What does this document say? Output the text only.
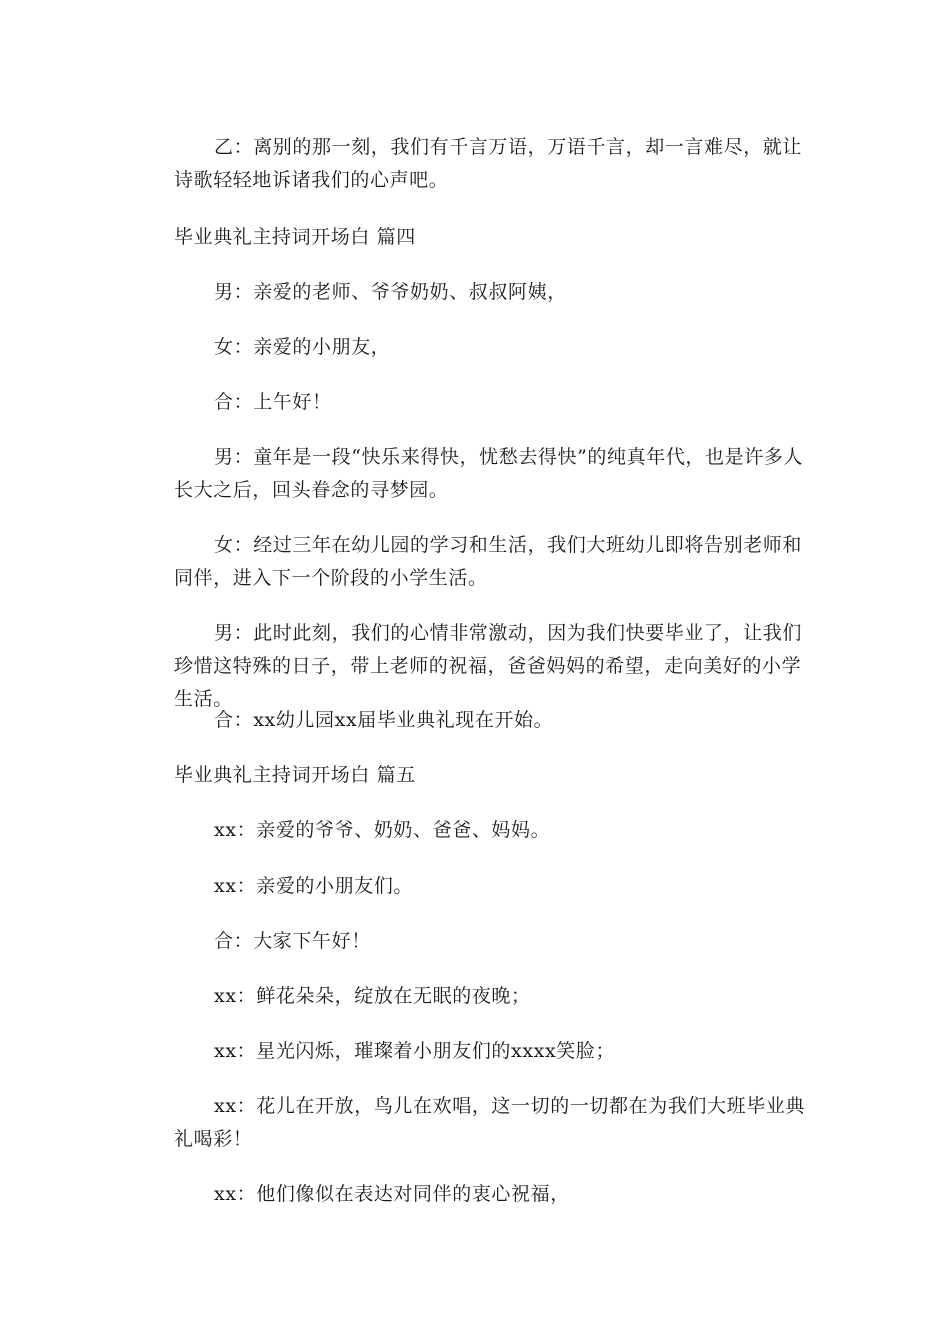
乙：离别的那一刻，我们有千言万语，万语千言，却一言难尽，就让诗歌轻轻地诉诸我们的心声吧。

毕业典礼主持词开场白 篇四

男：亲爱的老师、爷爷奶奶、叔叔阿姨，

女：亲爱的小朋友，

合：上午好！

男：童年是一段“快乐来得快，忧愁去得快”的纯真年代，也是许多人长大之后，回头眷念的寻梦园。

女：经过三年在幼儿园的学习和生活，我们大班幼儿即将告别老师和同伴，进入下一个阶段的小学生活。

男：此时此刻，我们的心情非常激动，因为我们快要毕业了，让我们珍惜这特殊的日子，带上老师的祝福，爸爸妈妈的希望，走向美好的小学生活。

合：xx幼儿园xx届毕业典礼现在开始。

毕业典礼主持词开场白 篇五

xx：亲爱的爷爷、奶奶、爸爸、妈妈。

xx：亲爱的小朋友们。

合：大家下午好！

xx：鲜花朵朵，绽放在无眠的夜晚；

xx：星光闪烁，璀璨着小朋友们的xxxx笑脸；

xx：花儿在开放，鸟儿在欢唱，这一切的一切都在为我们大班毕业典礼喝彩！

xx：他们像似在表达对同伴的衷心祝福，
